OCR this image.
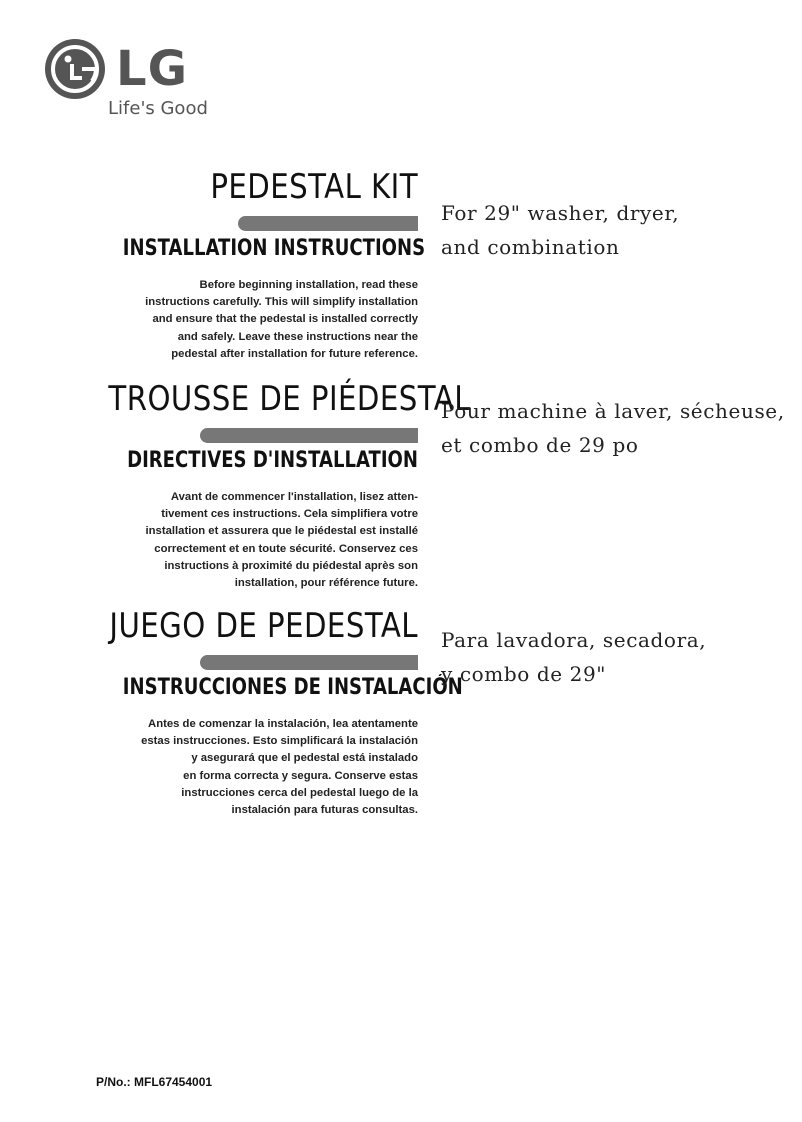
LG
Life's Good
PEDESTAL KIT
INSTALLATION INSTRUCTIONS
Before beginning installation, read these
instructions carefully. This will simplify installation
and ensure that the pedestal is installed correctly
and safely. Leave these instructions near the
pedestal after installation for future reference.
For 29" washer, dryer,
and combination
TROUSSE DE PIÉDESTAL
DIRECTIVES D'INSTALLATION
Avant de commencer l'installation, lisez atten-
tivement ces instructions. Cela simplifiera votre
installation et assurera que le piédestal est installé
correctement et en toute sécurité. Conservez ces
instructions à proximité du piédestal après son
installation, pour référence future.
Pour machine à laver, sécheuse,
et combo de 29 po
JUEGO DE PEDESTAL
INSTRUCCIONES DE INSTALACIÓN
Antes de comenzar la instalación, lea atentamente
estas instrucciones. Esto simplificará la instalación
y asegurará que el pedestal está instalado
en forma correcta y segura. Conserve estas
instrucciones cerca del pedestal luego de la
instalación para futuras consultas.
Para lavadora, secadora,
y combo de 29"
P/No.: MFL67454001
